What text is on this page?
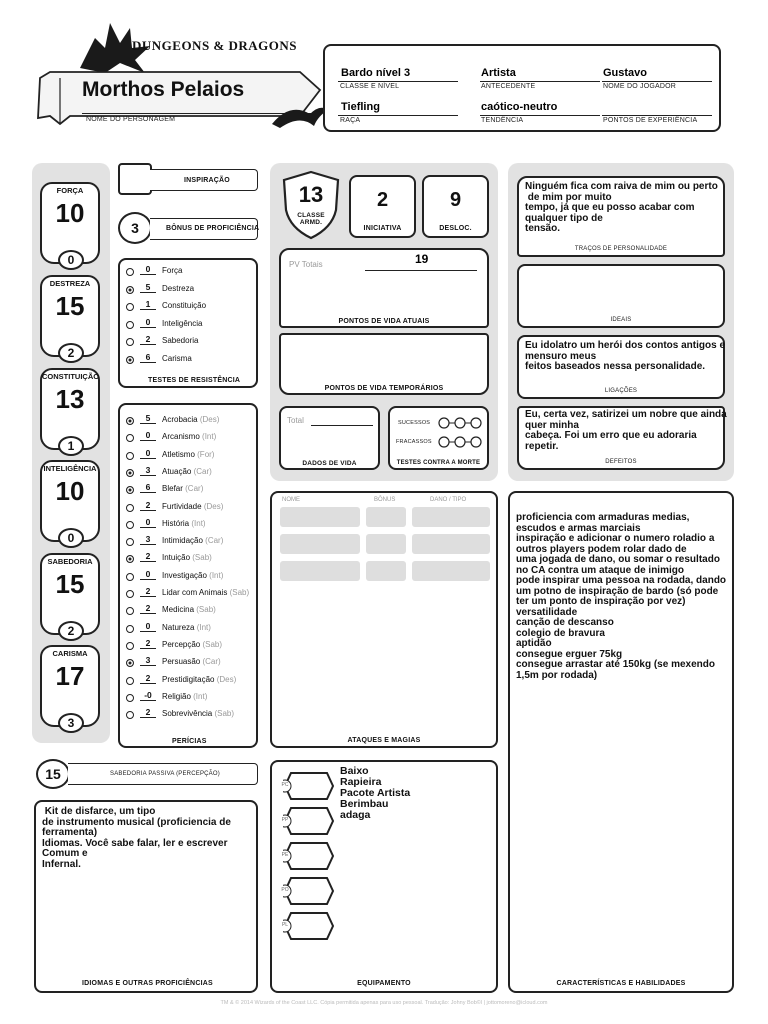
DUNGEONS & DRAGONS
Morthos Pelaios
NOME DO PERSONAGEM
Bardo nível 3
CLASSE E NÍVEL
Artista
ANTECEDENTE
Gustavo
NOME DO JOGADOR
Tiefling
RAÇA
caótico-neutro
TENDÊNCIA	PONTOS DE EXPERIÊNCIA
FORÇA
10
0
DESTREZA
15
2
CONSTITUIÇÃO
13
1
INTELIGÊNCIA
10
0
SABEDORIA
15
2
CARISMA
17
3
INSPIRAÇÃO
3	BÔNUS DE PROFICIÊNCIA
0	Força
5	Destreza
1	Constituição
0	Inteligência
2	Sabedoria
6	Carisma
TESTES DE RESISTÊNCIA
5	Acrobacia (Des)
0	Arcanismo (Int)
0	Atletismo (For)
3	Atuação (Car)
6	Blefar (Car)
2	Furtividade (Des)
0	História (Int)
3	Intimidação (Car)
2	Intuição (Sab)
0	Investigação (Int)
2	Lidar com Animais (Sab)
2	Medicina (Sab)
0	Natureza (Int)
2	Percepção (Sab)
3	Persuasão (Car)
2	Prestidigitação (Des)
-0	Religião (Int)
2	Sobrevivência (Sab)
PERÍCIAS
15	SABEDORIA PASSIVA (PERCEPÇÃO)
Kit de disfarce, um tipo
de instrumento musical (proficiencia de
ferramenta)
Idiomas. Você sabe falar, ler e escrever
Comum e
Infernal.
IDIOMAS E OUTRAS PROFICIÊNCIAS
13
CLASSE ARMD.
2
INICIATIVA
9
DESLOC.
PV Totais	19
PONTOS DE VIDA ATUAIS
PONTOS DE VIDA TEMPORÁRIOS
Total
DADOS DE VIDA
SUCESSOS
FRACASSOS
TESTES CONTRA A MORTE
NOME	BÔNUS	DANO / TIPO
ATAQUES E MAGIAS
Baixo
Rapieira
Pacote Artista
Berimbau
adaga
EQUIPAMENTO
PC
PP
PE
PO
PL
Ninguém fica com raiva de mim ou perto
de mim por muito
tempo, já que eu posso acabar com
qualquer tipo de
tensão.
TRAÇOS DE PERSONALIDADE
IDEAIS
Eu idolatro um herói dos contos antigos e
mensuro meus
feitos baseados nessa personalidade.
LIGAÇÕES
Eu, certa vez, satirizei um nobre que ainda
quer minha
cabeça. Foi um erro que eu adoraria
repetir.
DEFEITOS
proficiencia com armaduras medias,
escudos e armas marciais
inspiração e adicionar o numero roladio a
outros players podem rolar dado de
uma jogada de dano, ou somar o resultado
no CA contra um ataque de inimigo
pode inspirar uma pessoa na rodada, dando
um potno de inspiração de bardo (só pode
ter um ponto de inspiração por vez)
versatilidade
canção de descanso
colegio de bravura
aptidão
consegue erguer 75kg
consegue arrastar até 150kg (se mexendo
1,5m por rodada)
CARACTERÍSTICAS E HABILIDADES
TM & © 2014 Wizards of the Coast LLC. Cópia permitida apenas para uso pessoal. Tradução: Johny Bob©l | jottomoreno@icloud.com
